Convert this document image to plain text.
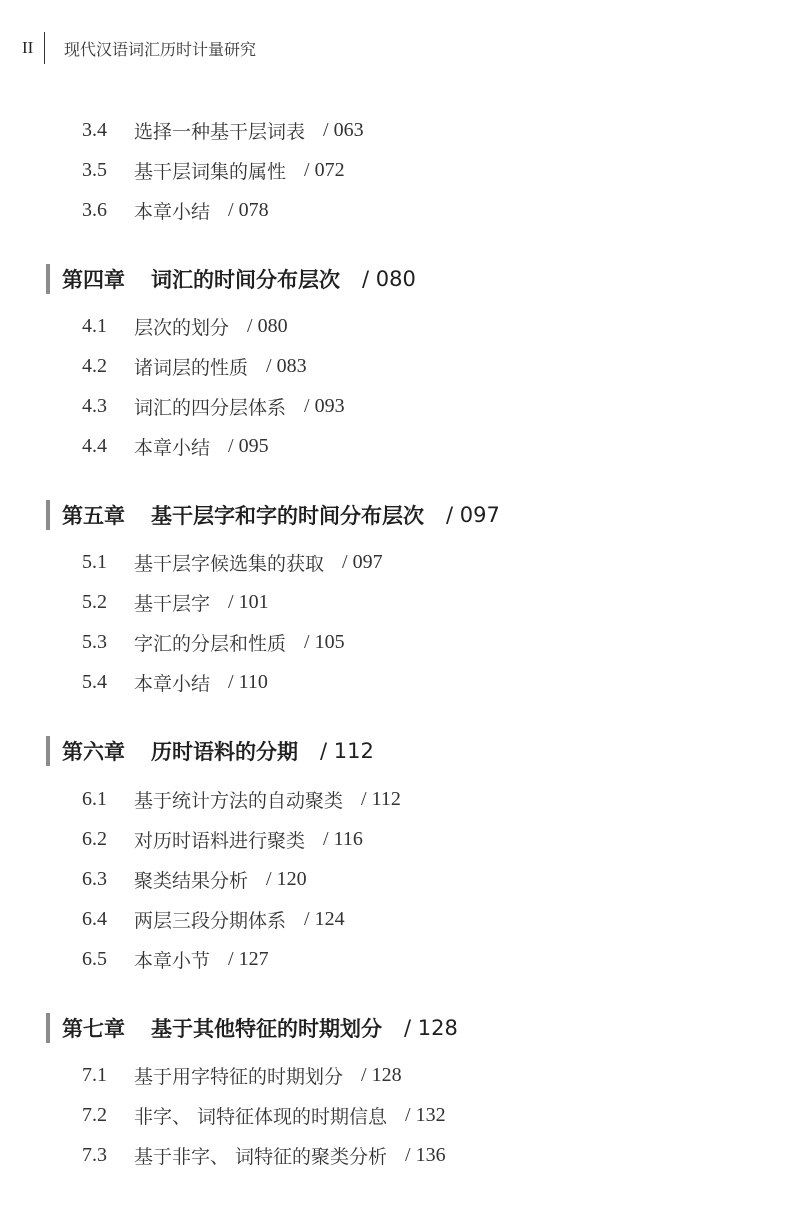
II 现代汉语词汇历时计量研究
3.4	选择一种基干层词表 / 063
3.5	基干层词集的属性 / 072
3.6	本章小结 / 078
第四章 词汇的时间分布层次 / 080
4.1	层次的划分 / 080
4.2	诸词层的性质 / 083
4.3	词汇的四分层体系 / 093
4.4	本章小结 / 095
第五章 基干层字和字的时间分布层次 / 097
5.1	基干层字候选集的获取 / 097
5.2	基干层字 / 101
5.3	字汇的分层和性质 / 105
5.4	本章小结 / 110
第六章 历时语料的分期 / 112
6.1	基于统计方法的自动聚类 / 112
6.2	对历时语料进行聚类 / 116
6.3	聚类结果分析 / 120
6.4	两层三段分期体系 / 124
6.5	本章小节 / 127
第七章 基于其他特征的时期划分 / 128
7.1	基于用字特征的时期划分 / 128
7.2	非字、 词特征体现的时期信息 / 132
7.3	基于非字、 词特征的聚类分析 / 136
